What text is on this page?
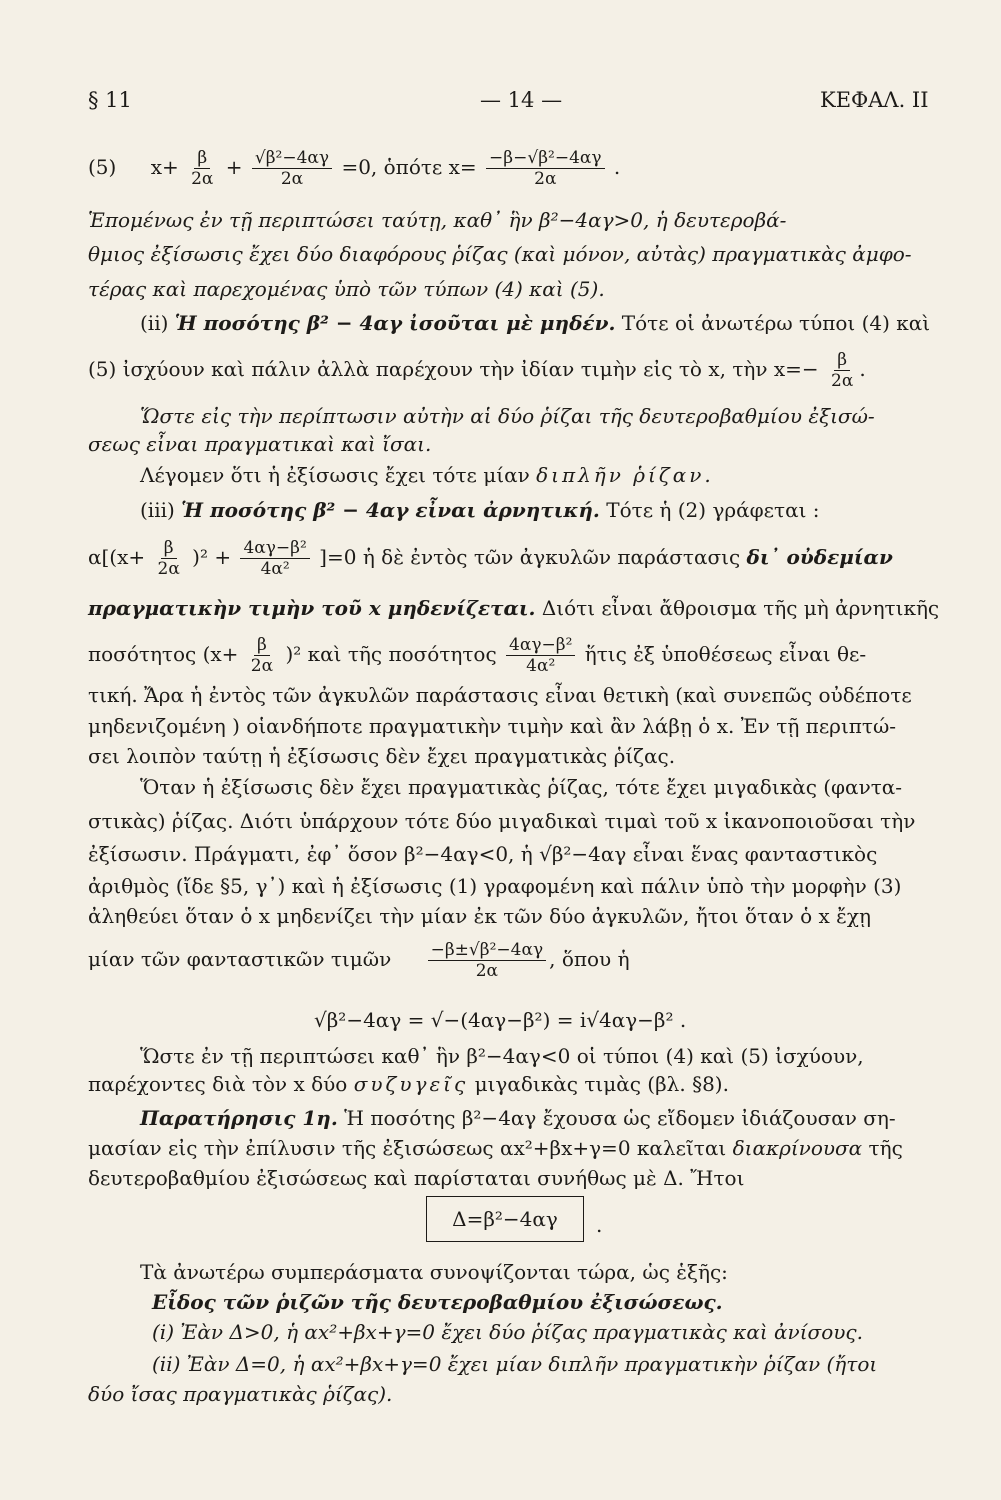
§ 11	— 14 —	ΚΕΦΑΛ. II
(5) $x+ \frac{\beta}{2\alpha} + \frac{\text{√β²−4αγ}}{2\alpha} =0$, ὁπότε $x= \frac{\text{−β−√β²−4αγ}}{2\alpha}$ .
Ἑπομένως ἐν τῇ περιπτώσει ταύτῃ, καθ᾽ ἣν β²−4αγ>0, ἡ δευτεροβά-
θμιος ἐξίσωσις ἔχει δύο διαφόρους ῥίζας (καὶ μόνον, αὐτὰς) πραγματικὰς ἀμφο-
τέρας καὶ παρεχομένας ὑπὸ τῶν τύπων (4) καὶ (5).
(ii) Ἡ ποσότης β² − 4αγ ἰσοῦται μὲ μηδέν. Τότε οἱ ἀνωτέρω τύποι (4) καὶ
(5) ἰσχύουν καὶ πάλιν ἀλλὰ παρέχουν τὴν ἰδίαν τιμὴν εἰς τὸ x, τὴν $x=- \frac{\beta}{2\alpha}$ .
Ὥστε εἰς τὴν περίπτωσιν αὐτὴν αἱ δύο ῥίζαι τῆς δευτεροβαθμίου ἐξισώ-
σεως εἶναι πραγματικαὶ καὶ ἴσαι.
Λέγομεν ὅτι ἡ ἐξίσωσις ἔχει τότε μίαν διπλῆν ῥίζαν.
(iii) Ἡ ποσότης β² − 4αγ εἶναι ἀρνητική. Τότε ἡ (2) γράφεται :
$\alpha[(x+ \frac{\beta}{2\alpha} )^2 + \frac{\text{4αγ−β²}}{\text{4α²}} ]=0$ ἡ δὲ ἐντὸς τῶν ἀγκυλῶν παράστασις δι᾽ οὐδεμίαν
πραγματικὴν τιμὴν τοῦ x μηδενίζεται. Διότι εἶναι ἄθροισμα τῆς μὴ ἀρνητικῆς
ποσότητος $(x+ \frac{\beta}{2\alpha} )^2$ καὶ τῆς ποσότητος $\frac{\text{4αγ−β²}}{\text{4α²}}$ ἥτις ἐξ ὑποθέσεως εἶναι θε-
τική. Ἄρα ἡ ἐντὸς τῶν ἀγκυλῶν παράστασις εἶναι θετικὴ (καὶ συνεπῶς οὐδέποτε
μηδενιζομένη ) οἱανδήποτε πραγματικὴν τιμὴν καὶ ἂν λάβῃ ὁ x. Ἐν τῇ περιπτώ-
σει λοιπὸν ταύτῃ ἡ ἐξίσωσις δὲν ἔχει πραγματικὰς ῥίζας.
Ὅταν ἡ ἐξίσωσις δὲν ἔχει πραγματικὰς ῥίζας, τότε ἔχει μιγαδικὰς (φαντα-
στικὰς) ῥίζας. Διότι ὑπάρχουν τότε δύο μιγαδικαὶ τιμαὶ τοῦ x ἱκανοποιοῦσαι τὴν
ἐξίσωσιν. Πράγματι, ἐφ᾽ ὅσον β²−4αγ<0, ἡ √β²−4αγ εἶναι ἕνας φανταστικὸς
ἀριθμὸς (ἴδε §5, γ᾽) καὶ ἡ ἐξίσωσις (1) γραφομένη καὶ πάλιν ὑπὸ τὴν μορφὴν (3)
ἀληθεύει ὅταν ὁ x μηδενίζει τὴν μίαν ἐκ τῶν δύο ἀγκυλῶν, ἤτοι ὅταν ὁ x ἔχῃ
μίαν τῶν φανταστικῶν τιμῶν $\frac{\text{−β±√β²−4αγ}}{2\alpha}$ , ὅπου ἡ
√β²−4αγ = √−(4αγ−β²) = i√4αγ−β² .
Ὥστε ἐν τῇ περιπτώσει καθ᾽ ἣν β²−4αγ<0 οἱ τύποι (4) καὶ (5) ἰσχύουν,
παρέχοντες διὰ τὸν x δύο συζυγεῖς μιγαδικὰς τιμὰς (βλ. §8).
Παρατήρησις 1η. Ἡ ποσότης β²−4αγ ἔχουσα ὡς εἴδομεν ἰδιάζουσαν ση-
μασίαν εἰς τὴν ἐπίλυσιν τῆς ἐξισώσεως αx²+βx+γ=0 καλεῖται διακρίνουσα τῆς
δευτεροβαθμίου ἐξισώσεως καὶ παρίσταται συνήθως μὲ Δ. Ἤτοι
Δ=β²−4αγ	.
Τὰ ἀνωτέρω συμπεράσματα συνοψίζονται τώρα, ὡς ἑξῆς:
Εἶδος τῶν ῥιζῶν τῆς δευτεροβαθμίου ἐξισώσεως.
(i) Ἐὰν Δ>0, ἡ αx²+βx+γ=0 ἔχει δύο ῥίζας πραγματικὰς καὶ ἀνίσους.
(ii) Ἐὰν Δ=0, ἡ αx²+βx+γ=0 ἔχει μίαν διπλῆν πραγματικὴν ῥίζαν (ἤτοι
δύο ἴσας πραγματικὰς ῥίζας).
